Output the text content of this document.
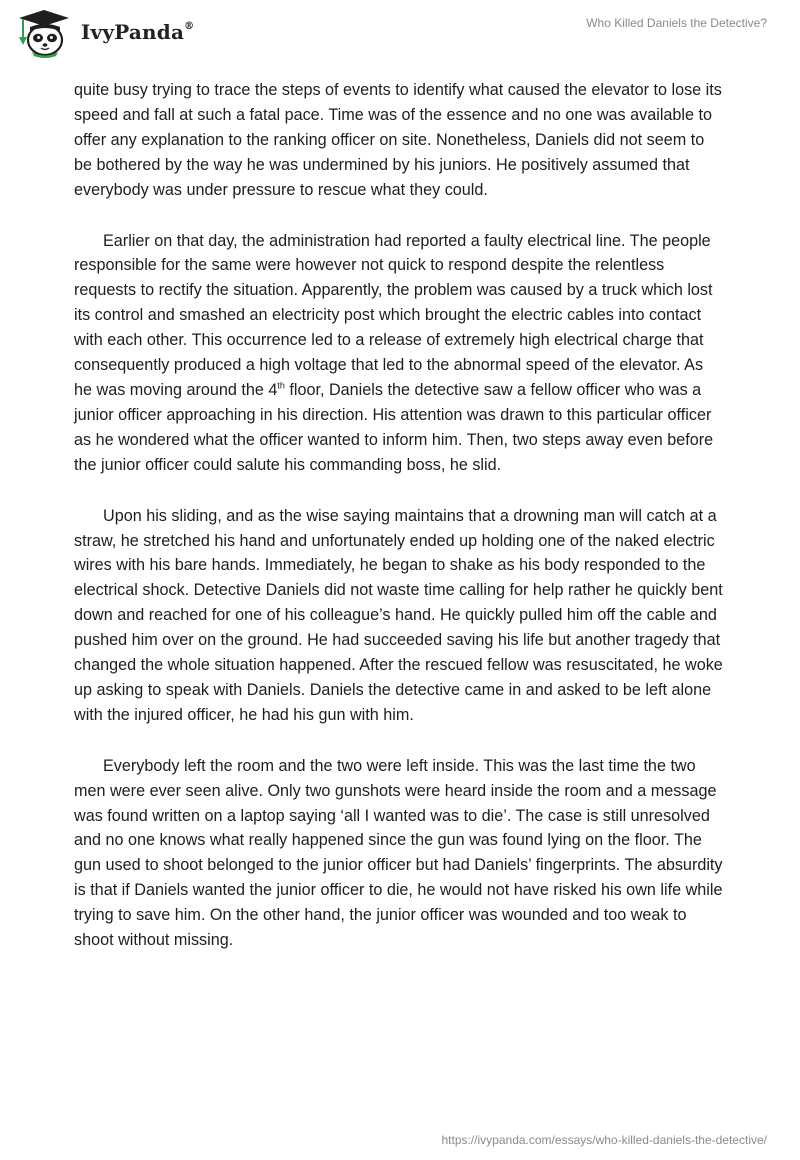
IvyPanda®	Who Killed Daniels the Detective?

quite busy trying to trace the steps of events to identify what caused the elevator to lose its speed and fall at such a fatal pace. Time was of the essence and no one was available to offer any explanation to the ranking officer on site. Nonetheless, Daniels did not seem to be bothered by the way he was undermined by his juniors. He positively assumed that everybody was under pressure to rescue what they could.

Earlier on that day, the administration had reported a faulty electrical line. The people responsible for the same were however not quick to respond despite the relentless requests to rectify the situation. Apparently, the problem was caused by a truck which lost its control and smashed an electricity post which brought the electric cables into contact with each other. This occurrence led to a release of extremely high electrical charge that consequently produced a high voltage that led to the abnormal speed of the elevator. As he was moving around the 4th floor, Daniels the detective saw a fellow officer who was a junior officer approaching in his direction. His attention was drawn to this particular officer as he wondered what the officer wanted to inform him. Then, two steps away even before the junior officer could salute his commanding boss, he slid.

Upon his sliding, and as the wise saying maintains that a drowning man will catch at a straw, he stretched his hand and unfortunately ended up holding one of the naked electric wires with his bare hands. Immediately, he began to shake as his body responded to the electrical shock. Detective Daniels did not waste time calling for help rather he quickly bent down and reached for one of his colleague’s hand. He quickly pulled him off the cable and pushed him over on the ground. He had succeeded saving his life but another tragedy that changed the whole situation happened. After the rescued fellow was resuscitated, he woke up asking to speak with Daniels. Daniels the detective came in and asked to be left alone with the injured officer, he had his gun with him.

Everybody left the room and the two were left inside. This was the last time the two men were ever seen alive. Only two gunshots were heard inside the room and a message was found written on a laptop saying ‘all I wanted was to die’. The case is still unresolved and no one knows what really happened since the gun was found lying on the floor. The gun used to shoot belonged to the junior officer but had Daniels’ fingerprints. The absurdity is that if Daniels wanted the junior officer to die, he would not have risked his own life while trying to save him. On the other hand, the junior officer was wounded and too weak to shoot without missing.

https://ivypanda.com/essays/who-killed-daniels-the-detective/
